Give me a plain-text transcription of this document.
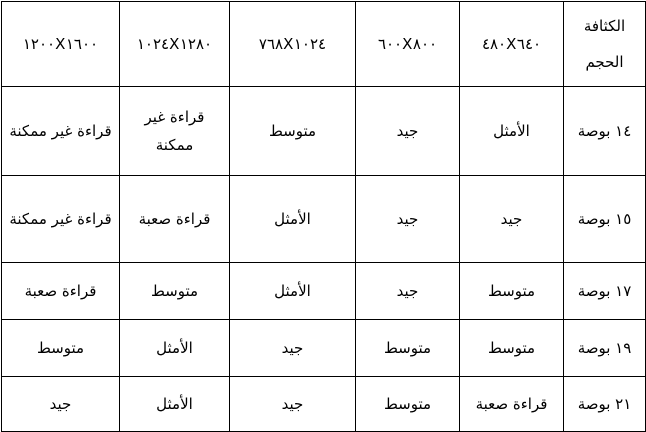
الكثافة
الحجم	٤٨٠X٦٤٠	٦٠٠X٨٠٠	٧٦٨X١٠٢٤	١٠٢٤X١٢٨٠	١٢٠٠X١٦٠٠
١٤ بوصة	الأمثل	جيد	متوسط	قراءة غير ممكنة	قراءة غير ممكنة
١٥ بوصة	جيد	جيد	الأمثل	قراءة صعبة	قراءة غير ممكنة
١٧ بوصة	متوسط	جيد	الأمثل	متوسط	قراءة صعبة
١٩ بوصة	متوسط	متوسط	جيد	الأمثل	متوسط
٢١ بوصة	قراءة صعبة	متوسط	جيد	الأمثل	جيد
